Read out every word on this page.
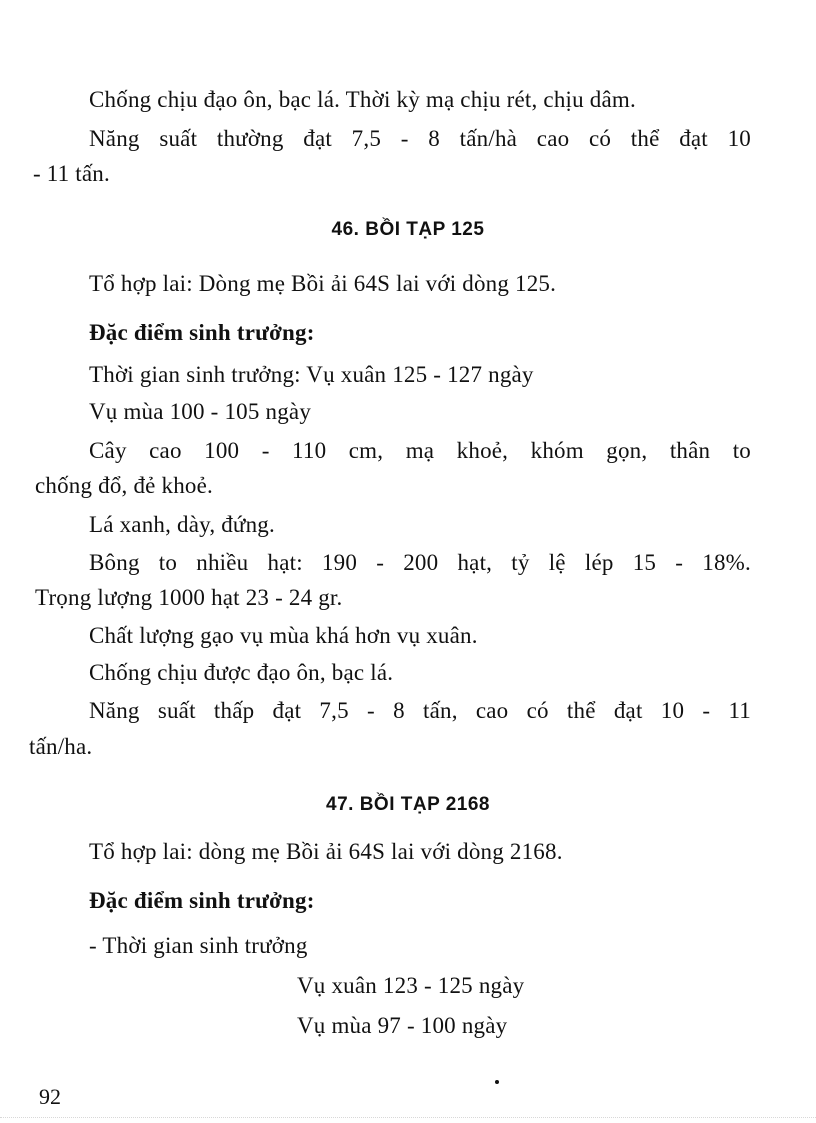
Chống chịu đạo ôn, bạc lá. Thời kỳ mạ chịu rét, chịu dâm.
Năng suất thường đạt 7,5 - 8 tấn/hà cao có thể đạt 10
- 11 tấn.
46. BỒI TẠP 125
Tổ hợp lai: Dòng mẹ Bồi ải 64S lai với dòng 125.
Đặc điểm sinh trưởng:
Thời gian sinh trưởng: Vụ xuân 125 - 127 ngày
Vụ mùa 100 - 105 ngày
Cây cao 100 - 110 cm, mạ khoẻ, khóm gọn, thân to
chống đổ, đẻ khoẻ.
Lá xanh, dày, đứng.
Bông to nhiều hạt: 190 - 200 hạt, tỷ lệ lép 15 - 18%.
Trọng lượng 1000 hạt 23 - 24 gr.
Chất lượng gạo vụ mùa khá hơn vụ xuân.
Chống chịu được đạo ôn, bạc lá.
Năng suất thấp đạt 7,5 - 8 tấn, cao có thể đạt 10 - 11
tấn/ha.
47. BỒI TẠP 2168
Tổ hợp lai: dòng mẹ Bồi ải 64S lai với dòng 2168.
Đặc điểm sinh trưởng:
- Thời gian sinh trưởng
Vụ xuân 123 - 125 ngày
Vụ mùa 97 - 100 ngày
92
